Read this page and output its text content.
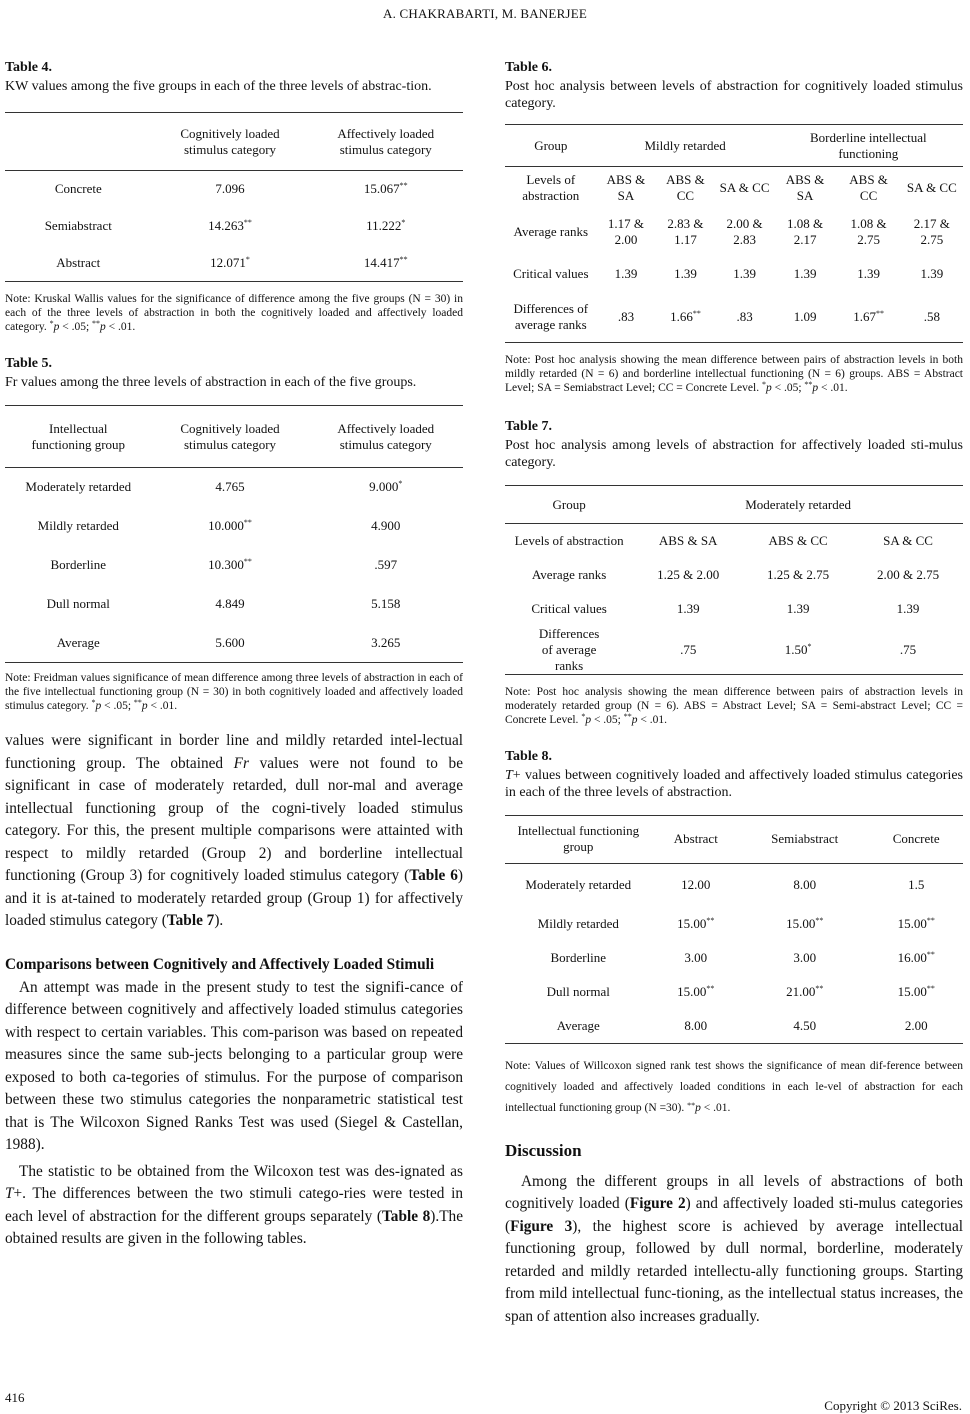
A. CHAKRABARTI, M. BANERJEE

Table 4.

KW values among the five groups in each of the three levels of abstrac-tion.

	Cognitively loaded stimulus category	Affectively loaded stimulus category
Concrete	7.096	15.067**
Semiabstract	14.263**	11.222*
Abstract	12.071*	14.417**

Note: Kruskal Wallis values for the significance of difference among the five groups (N = 30) in each of the three levels of abstraction in both the cognitively loaded and affectively loaded category. *p < .05; **p < .01.

Table 5.

Fr values among the three levels of abstraction in each of the five groups.

Intellectual functioning group	Cognitively loaded stimulus category	Affectively loaded stimulus category
Moderately retarded	4.765	9.000*
Mildly retarded	10.000**	4.900
Borderline	10.300**	.597
Dull normal	4.849	5.158
Average	5.600	3.265

Note: Freidman values significance of mean difference among three levels of abstraction in each of the five intellectual functioning group (N = 30) in both cognitively loaded and affectively loaded stimulus category. *p < .05; **p < .01.

values were significant in border line and mildly retarded intel-lectual functioning group. The obtained Fr values were not found to be significant in case of moderately retarded, dull nor-mal and average intellectual functioning group of the cogni-tively loaded stimulus category. For this, the present multiple comparisons were attainted with respect to mildly retarded (Group 2) and borderline intellectual functioning (Group 3) for cognitively loaded stimulus category (Table 6) and it is at-tained to moderately retarded group (Group 1) for affectively loaded stimulus category (Table 7).

Comparisons between Cognitively and Affectively Loaded Stimuli

An attempt was made in the present study to test the signifi-cance of difference between cognitively and affectively loaded stimulus categories with respect to certain variables. This com-parison was based on repeated measures since the same sub-jects belonging to a particular group were exposed to both ca-tegories of stimulus. For the purpose of comparison between these two stimulus categories the nonparametric statistical test that is The Wilcoxon Signed Ranks Test was used (Siegel & Castellan, 1988).

The statistic to be obtained from the Wilcoxon test was des-ignated as T+. The differences between the two stimuli catego-ries were tested in each level of abstraction for the different groups separately (Table 8).The obtained results are given in the following tables.

Table 6.

Post hoc analysis between levels of abstraction for cognitively loaded stimulus category.

Group	Mildly retarded			Borderline intellectual functioning		
Levels of abstraction	ABS & SA	ABS & CC	SA & CC	ABS & SA	ABS & CC	SA & CC
Average ranks	1.17 & 2.00	2.83 & 1.17	2.00 & 2.83	1.08 & 2.17	1.08 & 2.75	2.17 & 2.75
Critical values	1.39	1.39	1.39	1.39	1.39	1.39
Differences of average ranks	.83	1.66**	.83	1.09	1.67**	.58

Note: Post hoc analysis showing the mean difference between pairs of abstraction levels in both mildly retarded (N = 6) and borderline intellectual functioning (N = 6) groups. ABS = Abstract Level; SA = Semiabstract Level; CC = Concrete Level. *p < .05; **p < .01.

Table 7.

Post hoc analysis among levels of abstraction for affectively loaded sti-mulus category.

Group	Moderately retarded		
Levels of abstraction	ABS & SA	ABS & CC	SA & CC
Average ranks	1.25 & 2.00	1.25 & 2.75	2.00 & 2.75
Critical values	1.39	1.39	1.39
Differences of average ranks	.75	1.50*	.75

Note: Post hoc analysis showing the mean difference between pairs of abstraction levels in moderately retarded group (N = 6). ABS = Abstract Level; SA = Semi-abstract Level; CC = Concrete Level. *p < .05; **p < .01.

Table 8.

T+ values between cognitively loaded and affectively loaded stimulus categories in each of the three levels of abstraction.

Intellectual functioning group	Abstract	Semiabstract	Concrete
Moderately retarded	12.00	8.00	1.5
Mildly retarded	15.00**	15.00**	15.00**
Borderline	3.00	3.00	16.00**
Dull normal	15.00**	21.00**	15.00**
Average	8.00	4.50	2.00

Note: Values of Willcoxon signed rank test shows the significance of mean dif-ference between cognitively loaded and affectively loaded conditions in each le-vel of abstraction for each intellectual functioning group (N =30). **p < .01.

Discussion

Among the different groups in all levels of abstractions of both cognitively loaded (Figure 2) and affectively loaded sti-mulus categories (Figure 3), the highest score is achieved by average intellectual functioning group, followed by dull normal, borderline, moderately retarded and mildly retarded intellectu-ally functioning groups. Starting from mild intellectual func-tioning, as the intellectual status increases, the span of attention also increases gradually.

416
Copyright © 2013 SciRes.
